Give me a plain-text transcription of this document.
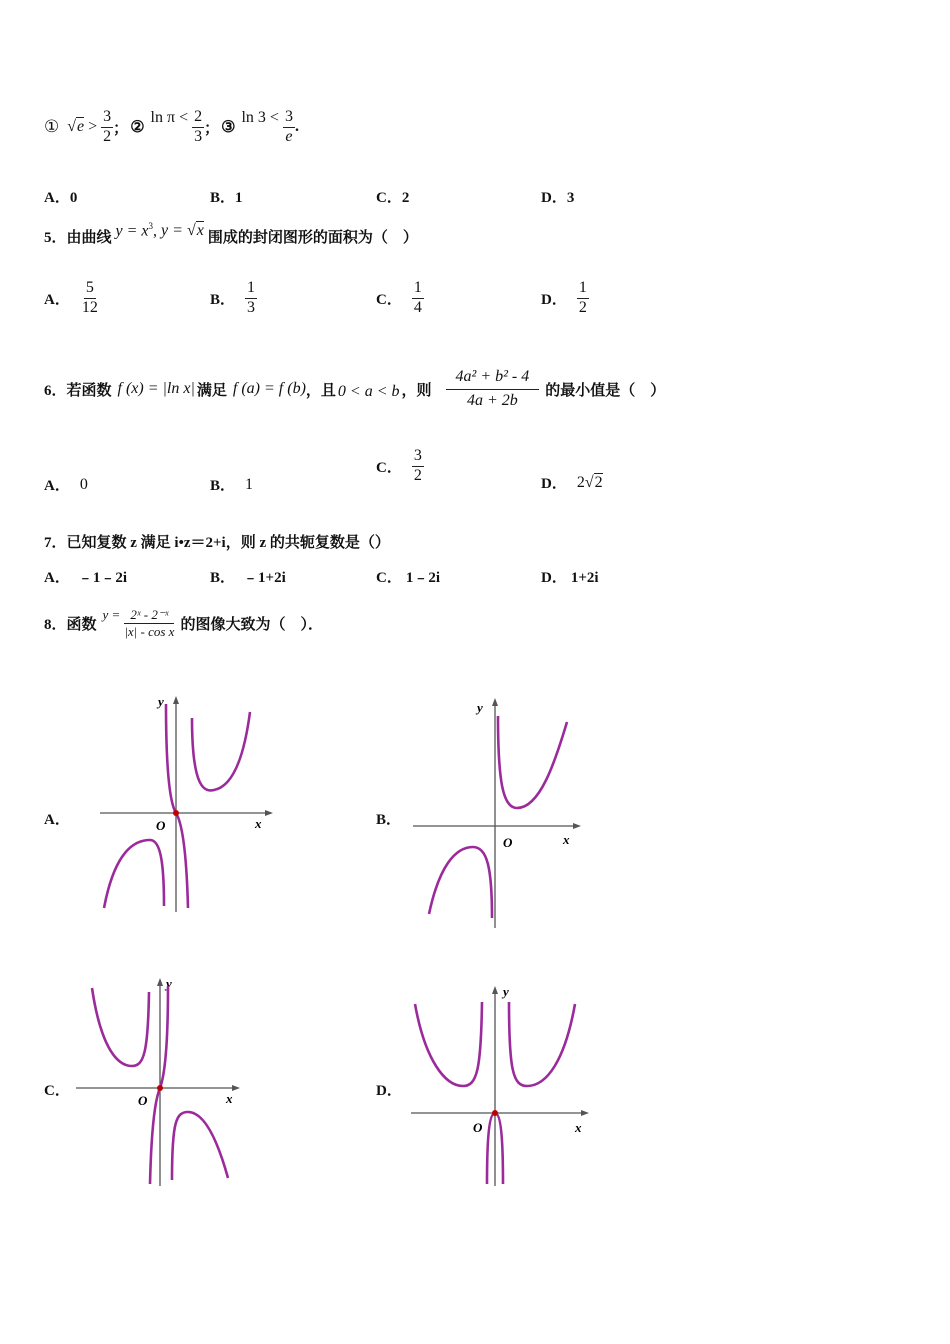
① $√e > \frac{3}{2}$ ； ②
$\ln \pi < \frac{2}{3}$ ； ③
$\ln 3 < \frac{3}{e}$ .
A．0	B．1	C．2	D．3
5． 由曲线 $y = x^3$, y = √x 围成的封闭图形的面积为（　）
A． $\frac{5}{12}$	B． $\frac{1}{3}$	C． $\frac{1}{4}$	D． $\frac{1}{2}$
6． 若函数 f (x) = |ln x| 满足 f (a) = f (b) ，且 0 < a < b ，则 $\frac{\text{4a² + b² - 4}}{4a + 2b}$ 的最小值是（　）
A． 0	B． 1
C． $\frac{3}{2}$	D． 2 √ 2
7．已知复数 z 满足 i•z＝2+i，则 z 的共轭复数是（）
A． ﹣1﹣2i	B． ﹣1+2i	C． 1﹣2i	D． 1+2i
8． 函数
$y = \frac{\text{2ˣ - 2⁻ˣ}}{\text{|x| - cos x}}$ 的图像大致为（　）．
A．	B．
C．	D．
x
y
O
x
y
O
x
y
O
x
y
O
